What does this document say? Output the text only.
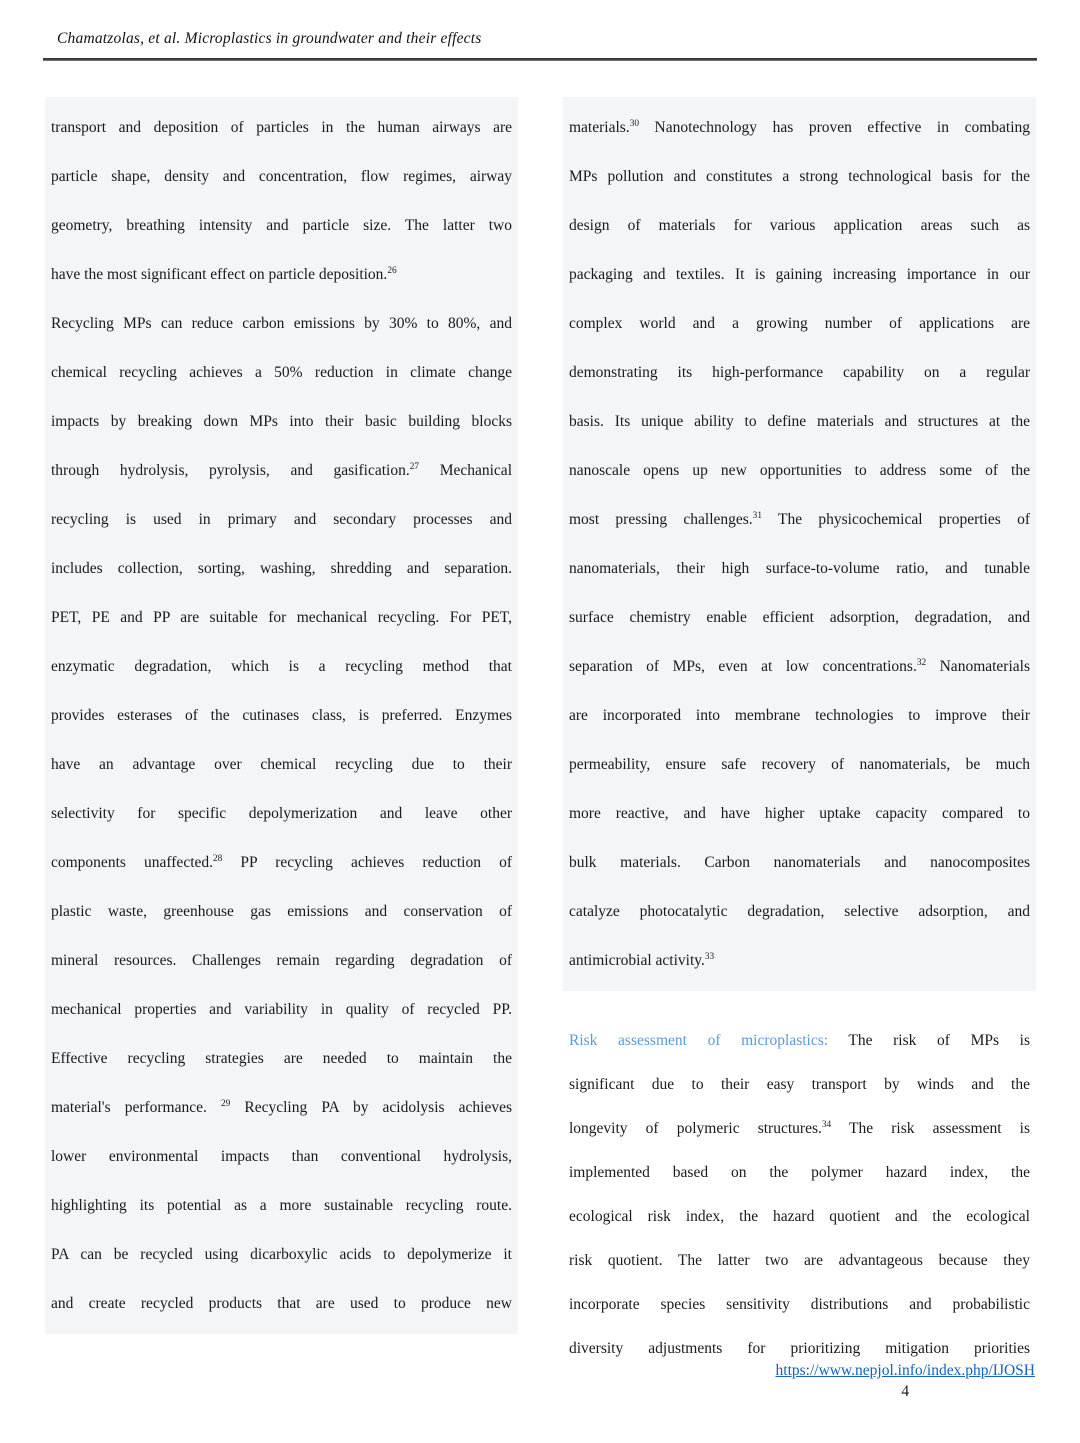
Chamatzolas, et al. Microplastics in groundwater and their effects
transport and deposition of particles in the human airways are
particle shape, density and concentration, flow regimes, airway
geometry, breathing intensity and particle size. The latter two
have the most significant effect on particle deposition.$^{26}$
Recycling MPs can reduce carbon emissions by 30% to 80%, and
chemical recycling achieves a 50% reduction in climate change
impacts by breaking down MPs into their basic building blocks
through hydrolysis, pyrolysis, and gasification.$^{27}$ Mechanical
recycling is used in primary and secondary processes and
includes collection, sorting, washing, shredding and separation.
PET, PE and PP are suitable for mechanical recycling. For PET,
enzymatic degradation, which is a recycling method that
provides esterases of the cutinases class, is preferred. Enzymes
have an advantage over chemical recycling due to their
selectivity for specific depolymerization and leave other
components unaffected.$^{28}$ PP recycling achieves reduction of
plastic waste, greenhouse gas emissions and conservation of
mineral resources. Challenges remain regarding degradation of
mechanical properties and variability in quality of recycled PP.
Effective recycling strategies are needed to maintain the
material's performance. $^{29}$ Recycling PA by acidolysis achieves
lower environmental impacts than conventional hydrolysis,
highlighting its potential as a more sustainable recycling route.
PA can be recycled using dicarboxylic acids to depolymerize it
and create recycled products that are used to produce new
materials.$^{30}$ Nanotechnology has proven effective in combating
MPs pollution and constitutes a strong technological basis for the
design of materials for various application areas such as
packaging and textiles. It is gaining increasing importance in our
complex world and a growing number of applications are
demonstrating its high-performance capability on a regular
basis. Its unique ability to define materials and structures at the
nanoscale opens up new opportunities to address some of the
most pressing challenges.$^{31}$ The physicochemical properties of
nanomaterials, their high surface-to-volume ratio, and tunable
surface chemistry enable efficient adsorption, degradation, and
separation of MPs, even at low concentrations.$^{32}$ Nanomaterials
are incorporated into membrane technologies to improve their
permeability, ensure safe recovery of nanomaterials, be much
more reactive, and have higher uptake capacity compared to
bulk materials. Carbon nanomaterials and nanocomposites
catalyze photocatalytic degradation, selective adsorption, and
antimicrobial activity.$^{33}$
Risk assessment of microplastics: The risk of MPs is
significant due to their easy transport by winds and the
longevity of polymeric structures.$^{34}$ The risk assessment is
implemented based on the polymer hazard index, the
ecological risk index, the hazard quotient and the ecological
risk quotient. The latter two are advantageous because they
incorporate species sensitivity distributions and probabilistic
diversity adjustments for prioritizing mitigation priorities
https://www.nepjol.info/index.php/IJOSH
4
